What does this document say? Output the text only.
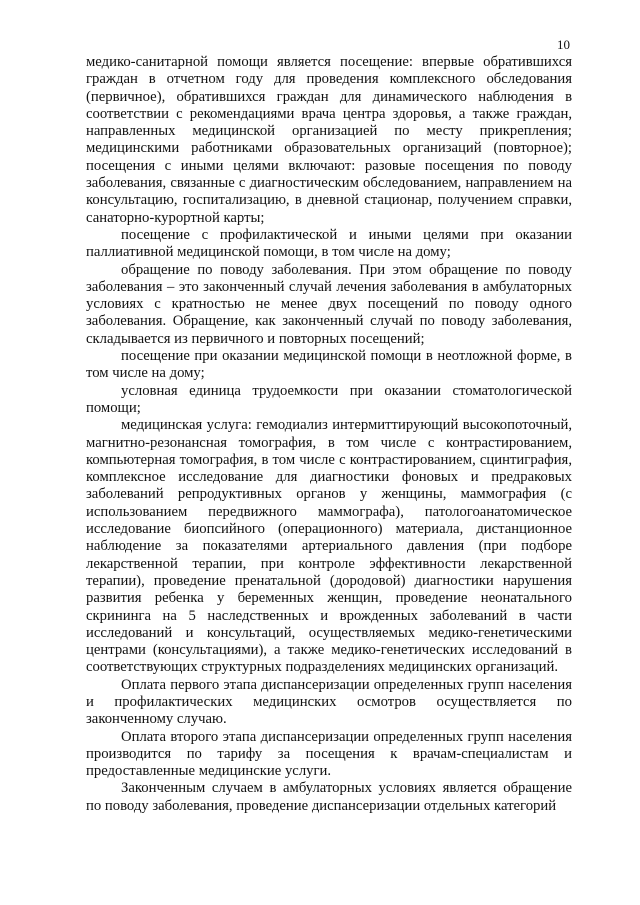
10

медико-санитарной помощи является посещение: впервые обратившихся граждан в отчетном году для проведения комплексного обследования (первичное), обратившихся граждан для динамического наблюдения в соответствии с рекомендациями врача центра здоровья, а также граждан, направленных медицинской организацией по месту прикрепления; медицинскими работниками образовательных организаций (повторное); посещения с иными целями включают: разовые посещения по поводу заболевания, связанные с диагностическим обследованием, направлением на консультацию, госпитализацию, в дневной стационар, получением справки, санаторно-курортной карты;

посещение с профилактической и иными целями при оказании паллиативной медицинской помощи, в том числе на дому;

обращение по поводу заболевания. При этом обращение по поводу заболевания – это законченный случай лечения заболевания в амбулаторных условиях с кратностью не менее двух посещений по поводу одного заболевания. Обращение, как законченный случай по поводу заболевания, складывается из первичного и повторных посещений;

посещение при оказании медицинской помощи в неотложной форме, в том числе на дому;

условная единица трудоемкости при оказании стоматологической помощи;

медицинская услуга: гемодиализ интермиттирующий высокопоточный, магнитно-резонансная томография, в том числе с контрастированием, компьютерная томография, в том числе с контрастированием, сцинтиграфия, комплексное исследование для диагностики фоновых и предраковых заболеваний репродуктивных органов у женщины, маммография (с использованием передвижного маммографа), патологоанатомическое исследование биопсийного (операционного) материала, дистанционное наблюдение за показателями артериального давления (при подборе лекарственной терапии, при контроле эффективности лекарственной терапии), проведение пренатальной (дородовой) диагностики нарушения развития ребенка у беременных женщин, проведение неонатального скрининга на 5 наследственных и врожденных заболеваний в части исследований и консультаций, осуществляемых медико-генетическими центрами (консультациями), а также медико-генетических исследований в соответствующих структурных подразделениях медицинских организаций.

Оплата первого этапа диспансеризации определенных групп населения и профилактических медицинских осмотров осуществляется по законченному случаю.

Оплата второго этапа диспансеризации определенных групп населения производится по тарифу за посещения к врачам-специалистам и предоставленные медицинские услуги.

Законченным случаем в амбулаторных условиях является обращение по поводу заболевания, проведение диспансеризации отдельных категорий
